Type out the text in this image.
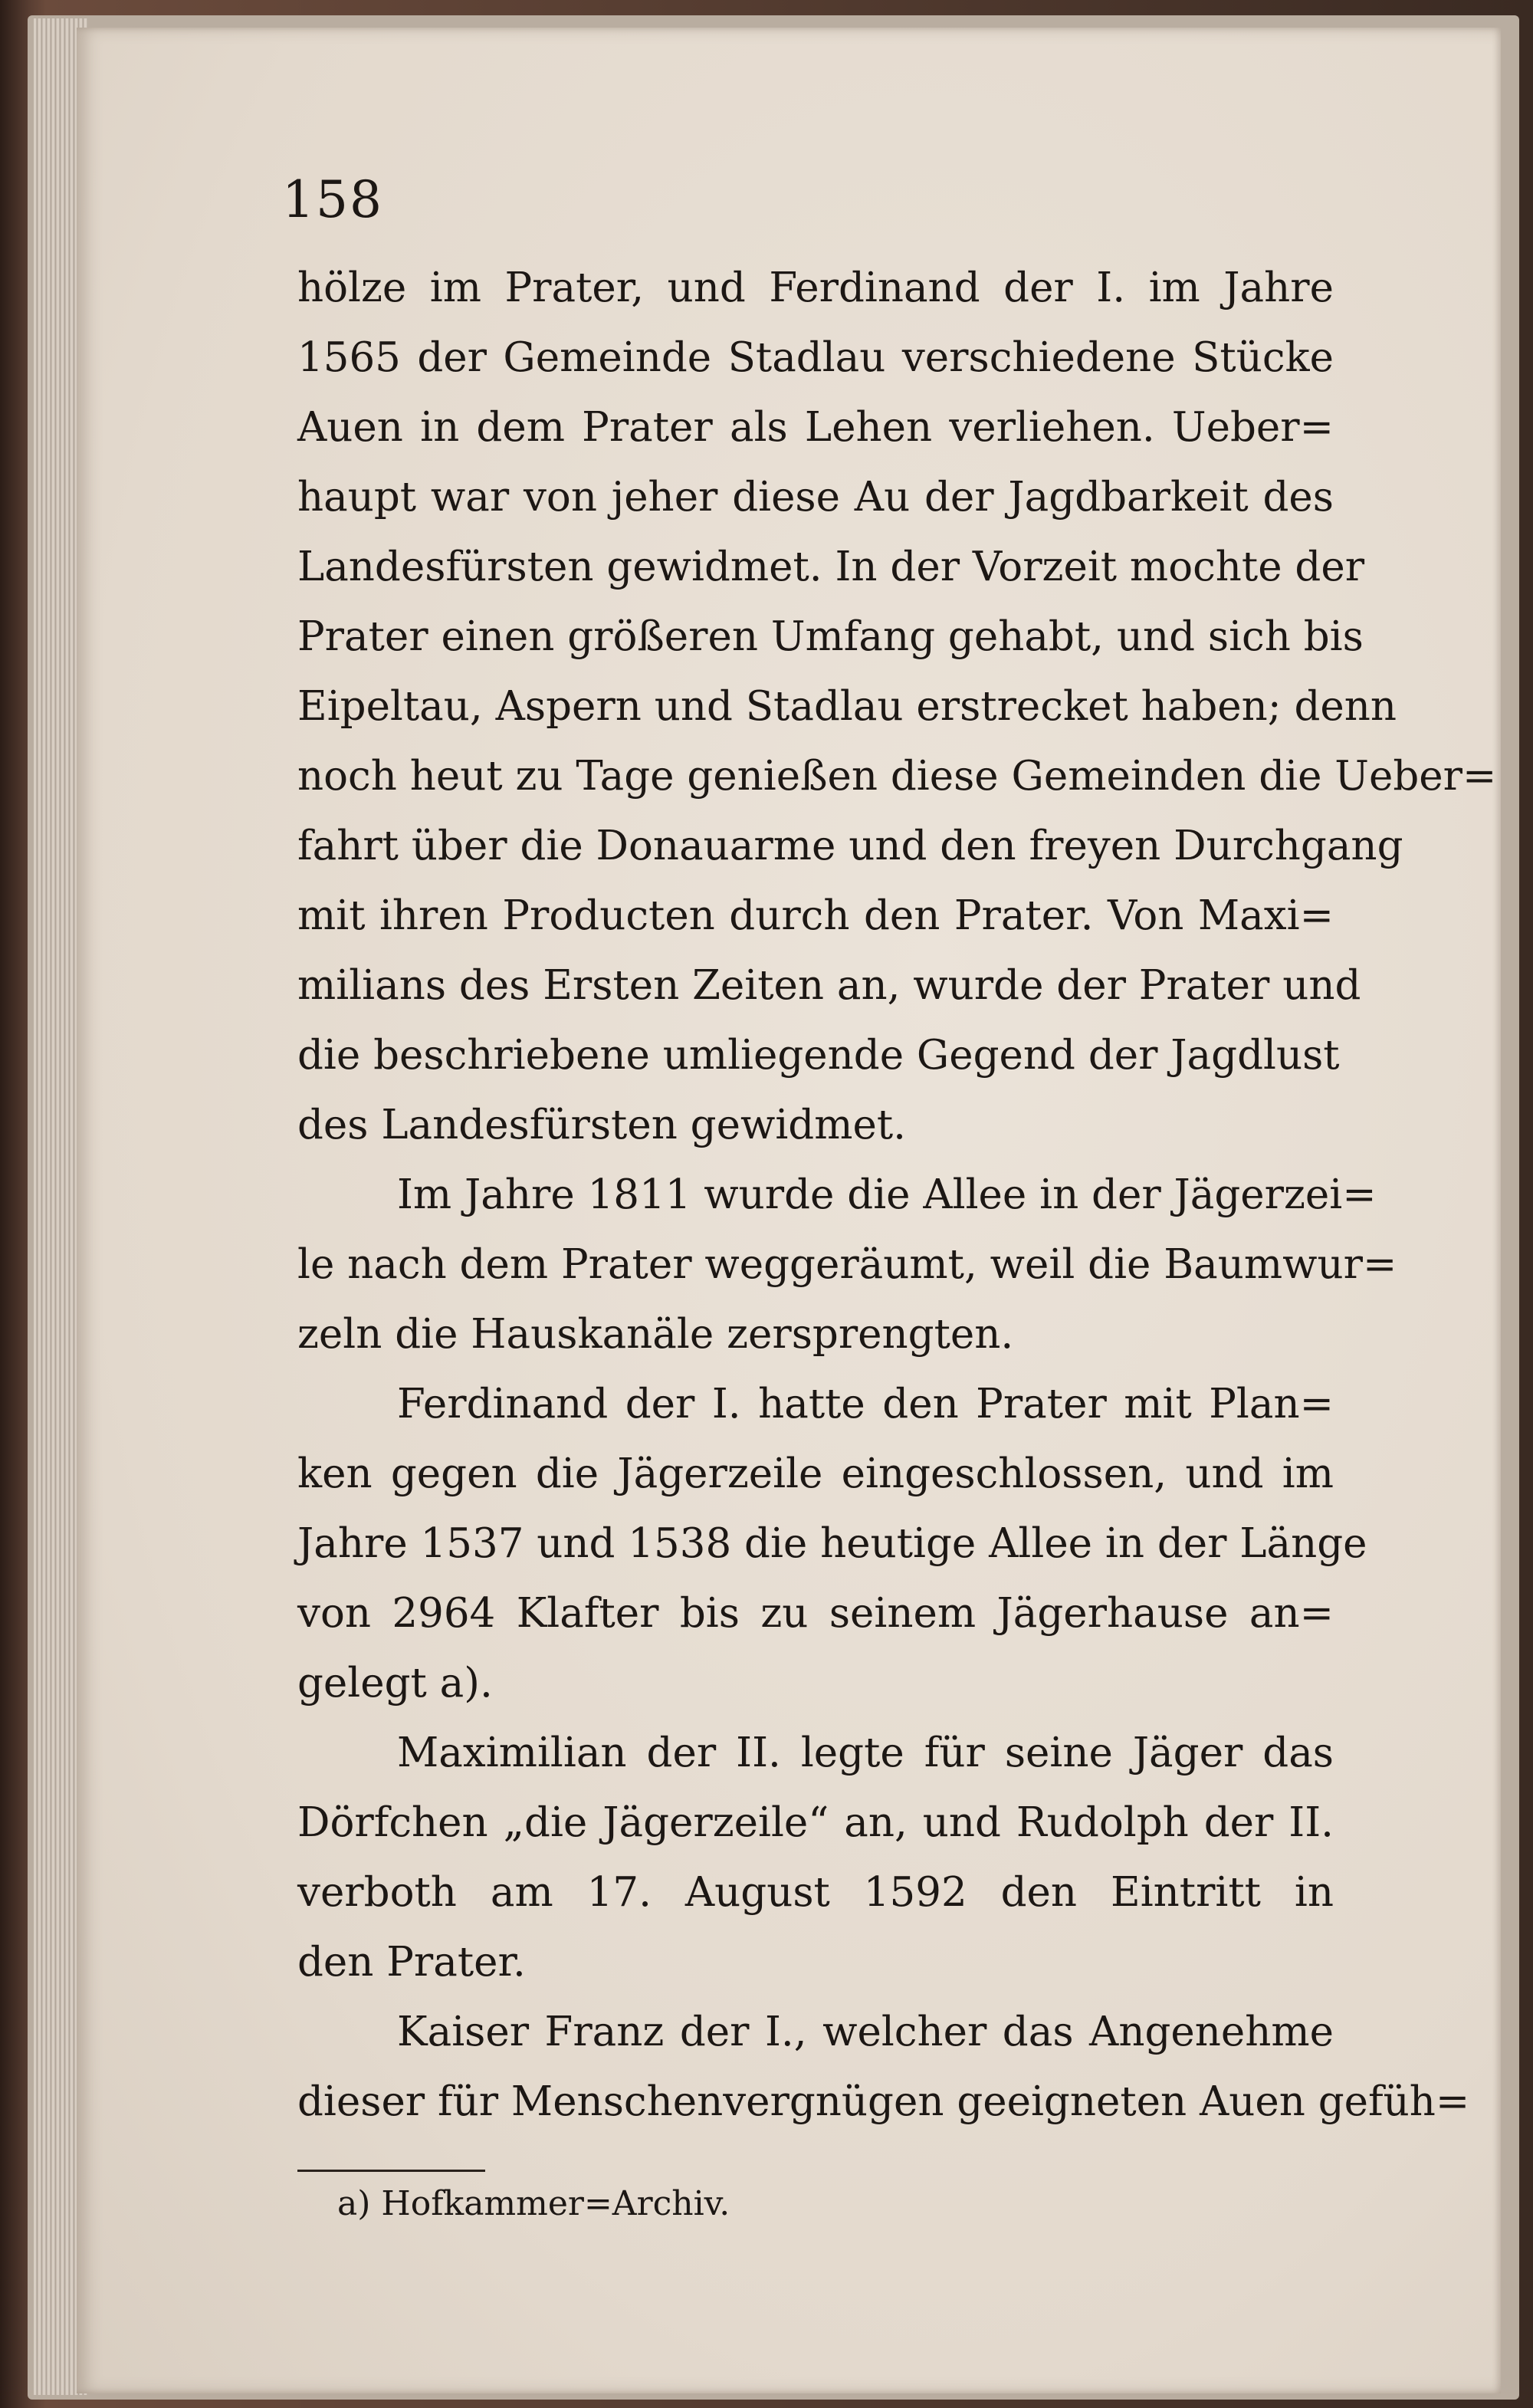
158
hölze im Prater, und Ferdinand der I. im Jahre
1565 der Gemeinde Stadlau verschiedene Stücke
Auen in dem Prater als Lehen verliehen. Ueber=
haupt war von jeher diese Au der Jagdbarkeit des
Landesfürsten gewidmet. In der Vorzeit mochte der
Prater einen größeren Umfang gehabt, und sich bis
Eipeltau, Aspern und Stadlau erstrecket haben; denn
noch heut zu Tage genießen diese Gemeinden die Ueber=
fahrt über die Donauarme und den freyen Durchgang
mit ihren Producten durch den Prater. Von Maxi=
milians des Ersten Zeiten an, wurde der Prater und
die beschriebene umliegende Gegend der Jagdlust
des Landesfürsten gewidmet.
Im Jahre 1811 wurde die Allee in der Jägerzei=
le nach dem Prater weggeräumt, weil die Baumwur=
zeln die Hauskanäle zersprengten.
Ferdinand der I. hatte den Prater mit Plan=
ken gegen die Jägerzeile eingeschlossen, und im
Jahre 1537 und 1538 die heutige Allee in der Länge
von 2964 Klafter bis zu seinem Jägerhause an=
gelegt a).
Maximilian der II. legte für seine Jäger das
Dörfchen „die Jägerzeile“ an, und Rudolph der II.
verboth am 17. August 1592 den Eintritt in
den Prater.
Kaiser Franz der I., welcher das Angenehme
dieser für Menschenvergnügen geeigneten Auen gefüh=
a) Hofkammer=Archiv.
